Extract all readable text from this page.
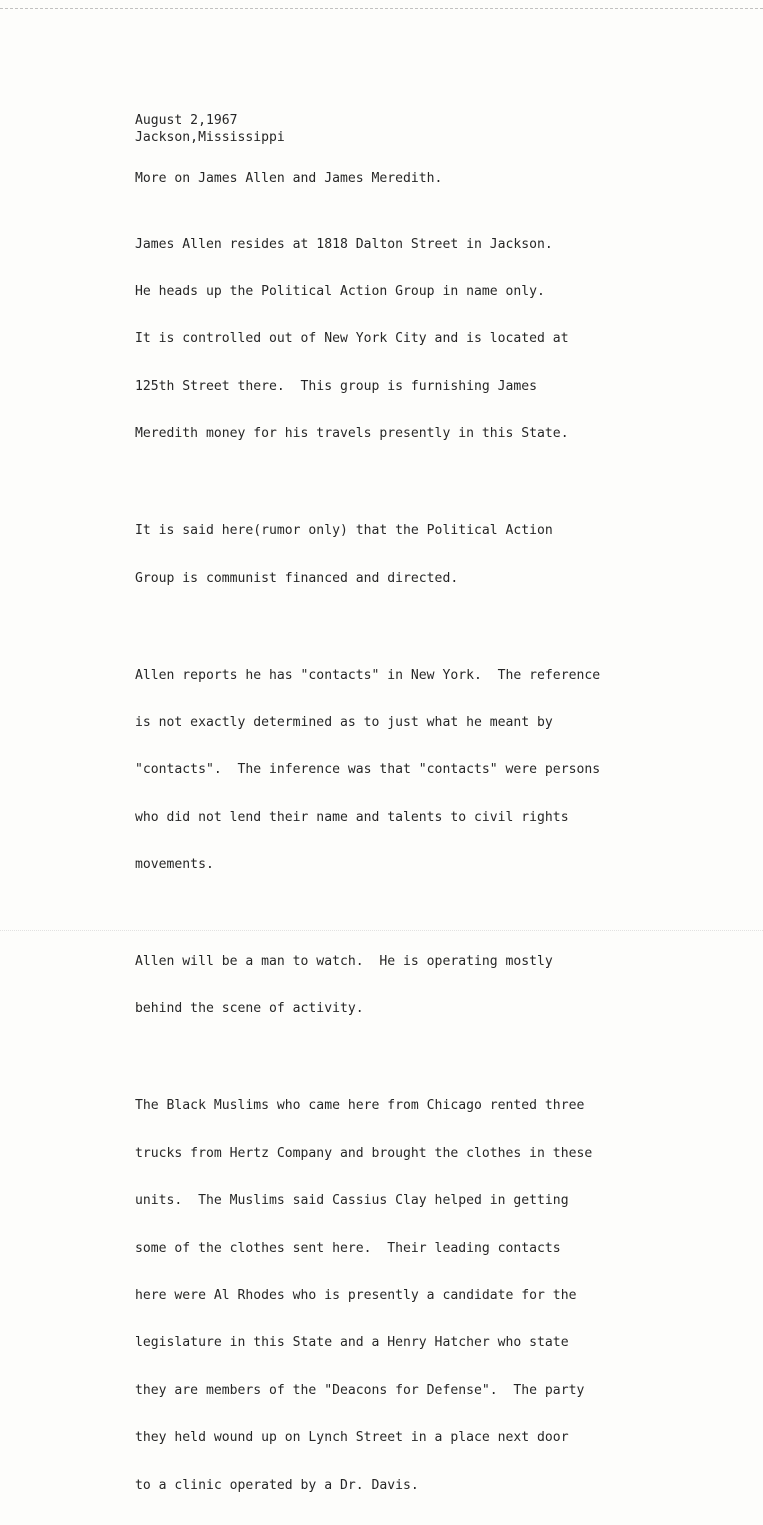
August 2,1967
Jackson,Mississippi
More on James Allen and James Meredith.

James Allen resides at 1818 Dalton Street in Jackson.

He heads up the Political Action Group in name only.

It is controlled out of New York City and is located at

125th Street there.  This group is furnishing James

Meredith money for his travels presently in this State.

It is said here(rumor only) that the Political Action

Group is communist financed and directed.

Allen reports he has "contacts" in New York.  The reference

is not exactly determined as to just what he meant by

"contacts".  The inference was that "contacts" were persons

who did not lend their name and talents to civil rights

movements.

Allen will be a man to watch.  He is operating mostly

behind the scene of activity.

The Black Muslims who came here from Chicago rented three

trucks from Hertz Company and brought the clothes in these

units.  The Muslims said Cassius Clay helped in getting

some of the clothes sent here.  Their leading contacts

here were Al Rhodes who is presently a candidate for the

legislature in this State and a Henry Hatcher who state

they are members of the "Deacons for Defense".  The party

they held wound up on Lynch Street in a place next door

to a clinic operated by a Dr. Davis.
